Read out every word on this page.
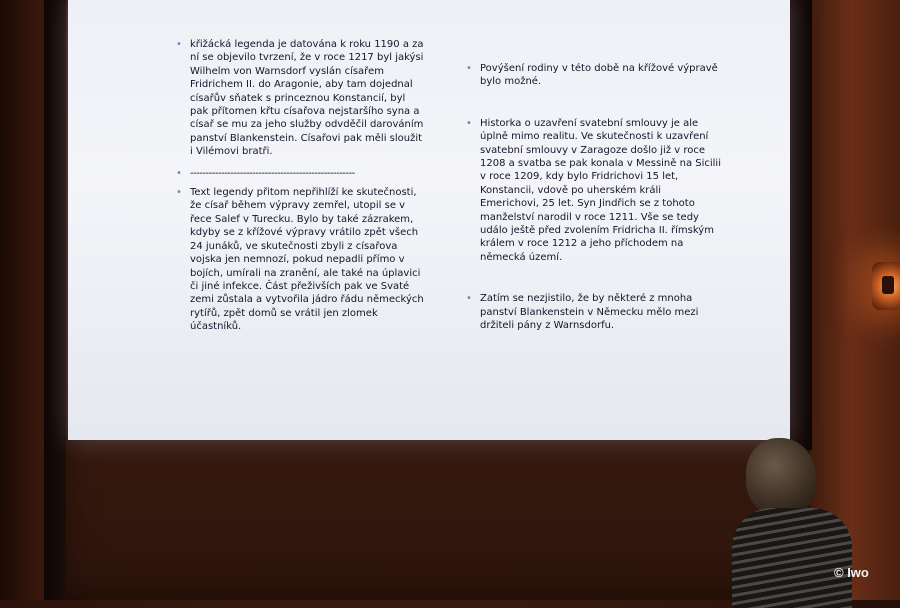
• křižácká legenda je datována k roku 1190 a za ní se objevilo tvrzení, že v roce 1217 byl jakýsi Wilhelm von Warnsdorf vyslán císařem Fridrichem II. do Aragonie, aby tam dojednal císařův sňatek s princeznou Konstancií, byl pak přítomen křtu císařova nejstaršího syna a císař se mu za jeho služby odvděčil darováním panství Blankenstein. Císařovi pak měli sloužit i Vilémovi bratři.

• -----------------------------------------------------

• Text legendy přitom nepřihlíží ke skutečnosti, že císař během výpravy zemřel, utopil se v řece Salef v Turecku. Bylo by také zázrakem, kdyby se z křížové výpravy vrátilo zpět všech 24 junáků, ve skutečnosti zbyli z císařova vojska jen nemnozí, pokud nepadli přímo v bojích, umírali na zranění, ale také na úplavici či jiné infekce. Část přeživších pak ve Svaté zemi zůstala a vytvořila jádro řádu německých rytířů, zpět domů se vrátil jen zlomek účastníků.

• Povýšení rodiny v této době na křížové výpravě bylo možné.

• Historka o uzavření svatební smlouvy je ale úplně mimo realitu. Ve skutečnosti k uzavření svatební smlouvy v Zaragoze došlo již v roce 1208 a svatba se pak konala v Messině na Sicilii v roce 1209, kdy bylo Fridrichovi 15 let, Konstancii, vdově po uherském králi Emerichovi, 25 let. Syn Jindřich se z tohoto manželství narodil v roce 1211. Vše se tedy událo ještě před zvolením Fridricha II. římským králem v roce 1212 a jeho příchodem na německá území.

• Zatím se nezjistilo, že by některé z mnoha panství Blankenstein v Německu mělo mezi držiteli pány z Warnsdorfu.

© Iwo
